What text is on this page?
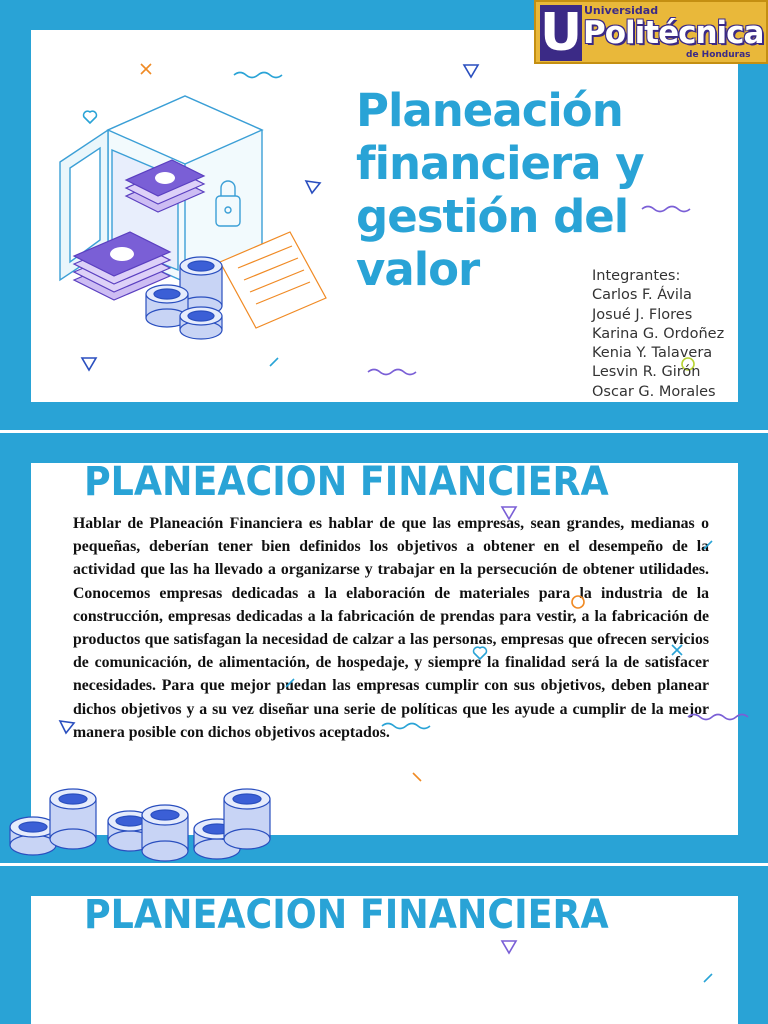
Planeación financiera y gestión del valor	Integrantes:
Carlos F. Ávila
Josué J. Flores
Karina G. Ordoñez
Kenia Y. Talavera
Lesvin R. Girón
Oscar G. Morales
U Universidad
Politécnica
de Honduras
PLANEACION FINANCIERA

Hablar de Planeación Financiera es hablar de que las empresas, sean grandes, medianas o pequeñas, deberían tener bien definidos los objetivos a obtener en el desempeño de la actividad que las ha llevado a organizarse y trabajar en la persecución de obtener utilidades. Conocemos empresas dedicadas a la elaboración de materiales para la industria de la construcción, empresas dedicadas a la fabricación de prendas para vestir, a la fabricación de productos que satisfagan la necesidad de calzar a las personas, empresas que ofrecen servicios de comunicación, de alimentación, de hospedaje, y siempre la finalidad será la de satisfacer necesidades. Para que mejor puedan las empresas cumplir con sus objetivos, deben planear dichos objetivos y a su vez diseñar una serie de políticas que les ayude a cumplir de la mejor manera posible con dichos objetivos aceptados.

PLANEACION FINANCIERA
